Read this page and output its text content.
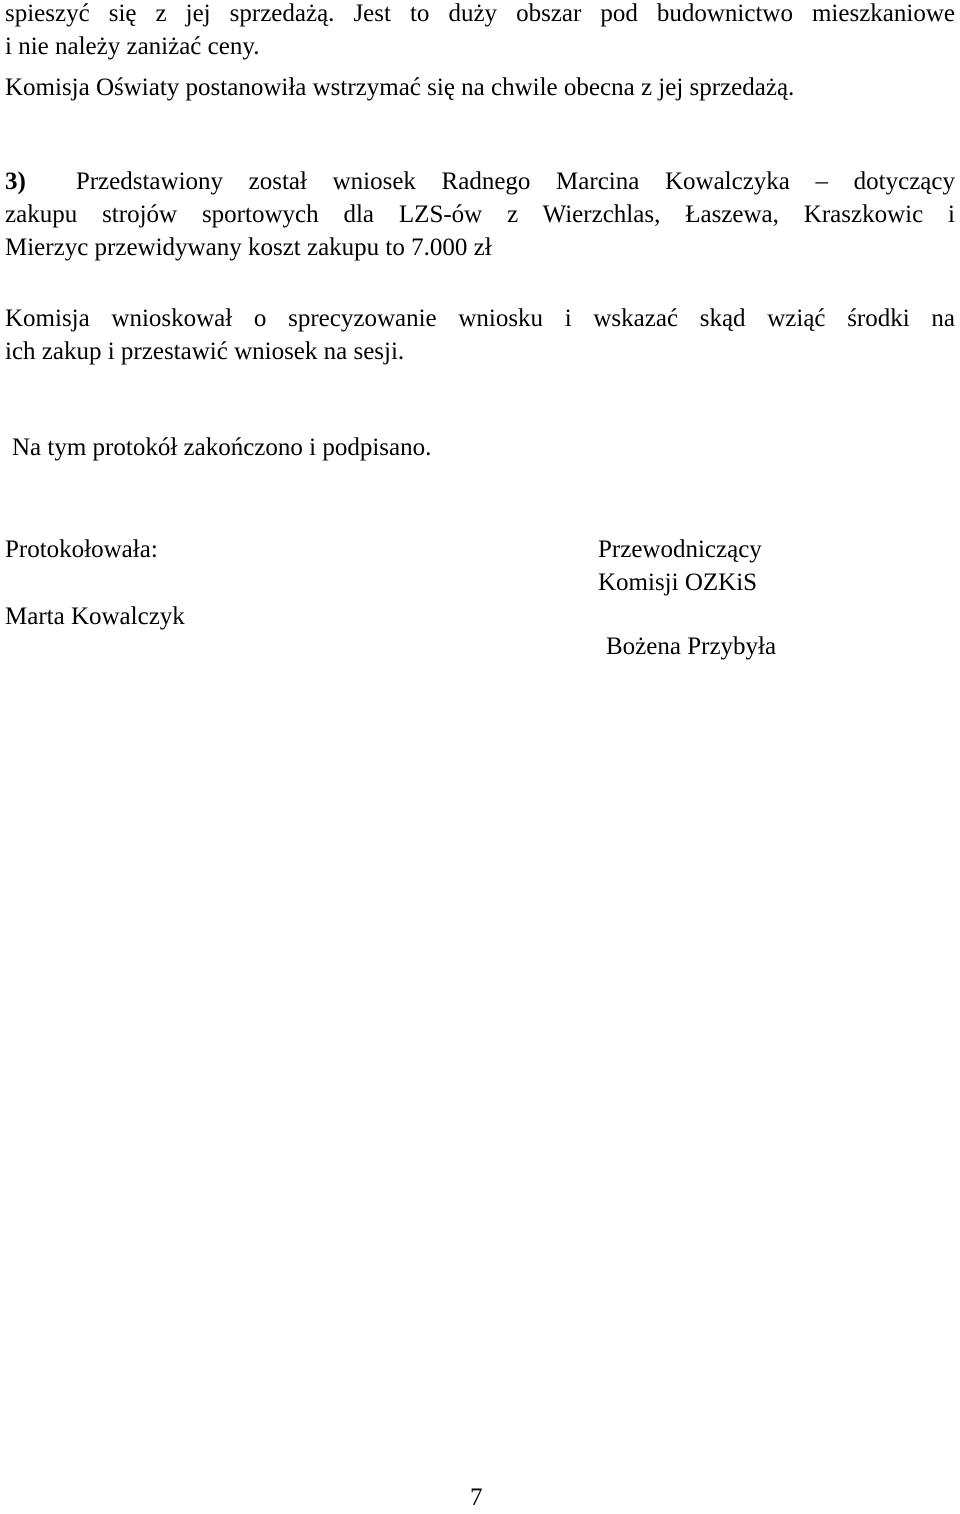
spieszyć się z jej sprzedażą. Jest to duży obszar pod budownictwo mieszkaniowe
i nie należy zaniżać ceny.
Komisja Oświaty postanowiła wstrzymać się na chwile obecna z jej sprzedażą.
3) Przedstawiony został wniosek Radnego Marcina Kowalczyka – dotyczący
zakupu strojów sportowych dla LZS-ów z Wierzchlas, Łaszewa, Kraszkowic i
Mierzyc przewidywany koszt zakupu to 7.000 zł
Komisja wnioskował o sprecyzowanie wniosku i wskazać skąd wziąć środki na
ich zakup i przestawić wniosek na sesji.
Na tym protokół zakończono i podpisano.
Protokołowała:
Marta Kowalczyk
Przewodniczący
Komisji OZKiS
Bożena Przybyła
7
